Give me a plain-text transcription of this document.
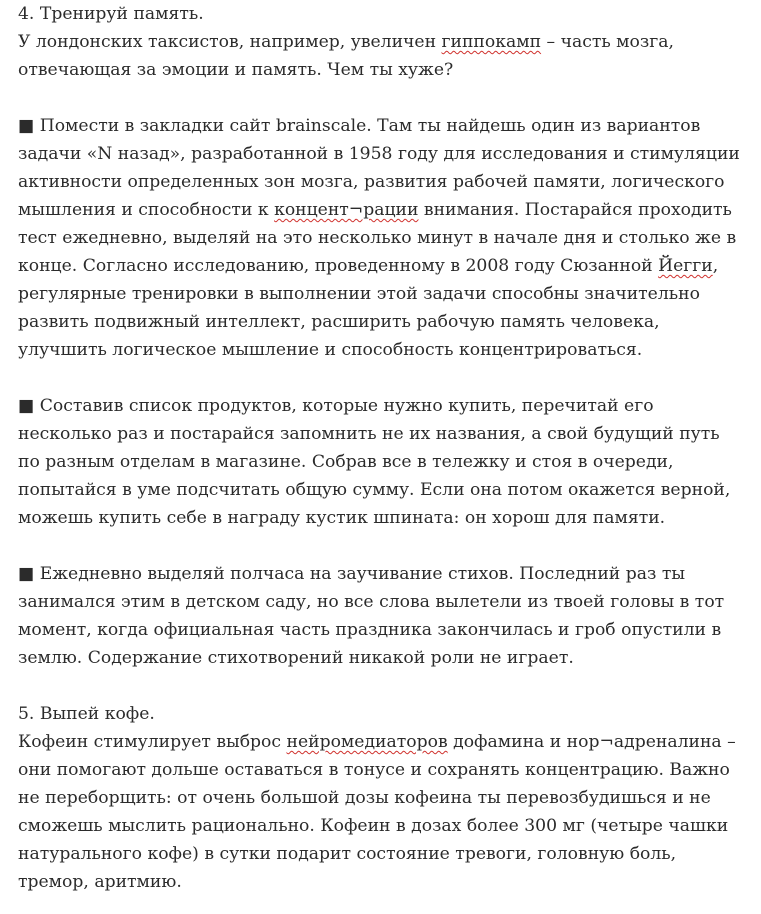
4. Тренируй память.
У лондонских таксистов, например, увеличен гиппокамп – часть мозга,
отвечающая за эмоции и память. Чем ты хуже?
■ Помести в закладки сайт brainscale. Там ты найдешь один из вариантов
задачи «N назад», разработанной в 1958 году для исследования и стимуляции
активности определенных зон мозга, развития рабочей памяти, логического
мышления и способности к концент¬рации внимания. Постарайся проходить
тест ежедневно, выделяй на это несколько минут в начале дня и столько же в
конце. Согласно исследованию, проведенному в 2008 году Сюзанной Йегги,
регулярные тренировки в выполнении этой задачи способны значительно
развить подвижный интеллект, расширить рабочую память человека,
улучшить логическое мышление и способность концентрироваться.
■ Составив список продуктов, которые нужно купить, перечитай его
несколько раз и постарайся запомнить не их названия, а свой будущий путь
по разным отделам в магазине. Собрав все в тележку и стоя в очереди,
попытайся в уме подсчитать общую сумму. Если она потом окажется верной,
можешь купить себе в награду кустик шпината: он хорош для памяти.
■ Ежедневно выделяй полчаса на заучивание стихов. Последний раз ты
занимался этим в детском саду, но все слова вылетели из твоей головы в тот
момент, когда официальная часть праздника закончилась и гроб опустили в
землю. Содержание стихотворений никакой роли не играет.
5. Выпей кофе.
Кофеин стимулирует выброс нейромедиаторов дофамина и нор¬адреналина –
они помогают дольше оставаться в тонусе и сохранять концентрацию. Важно
не переборщить: от очень большой дозы кофеина ты перевозбудишься и не
сможешь мыслить рационально. Кофеин в дозах более 300 мг (четыре чашки
натурального кофе) в сутки подарит состояние тревоги, головную боль,
тремор, аритмию.
